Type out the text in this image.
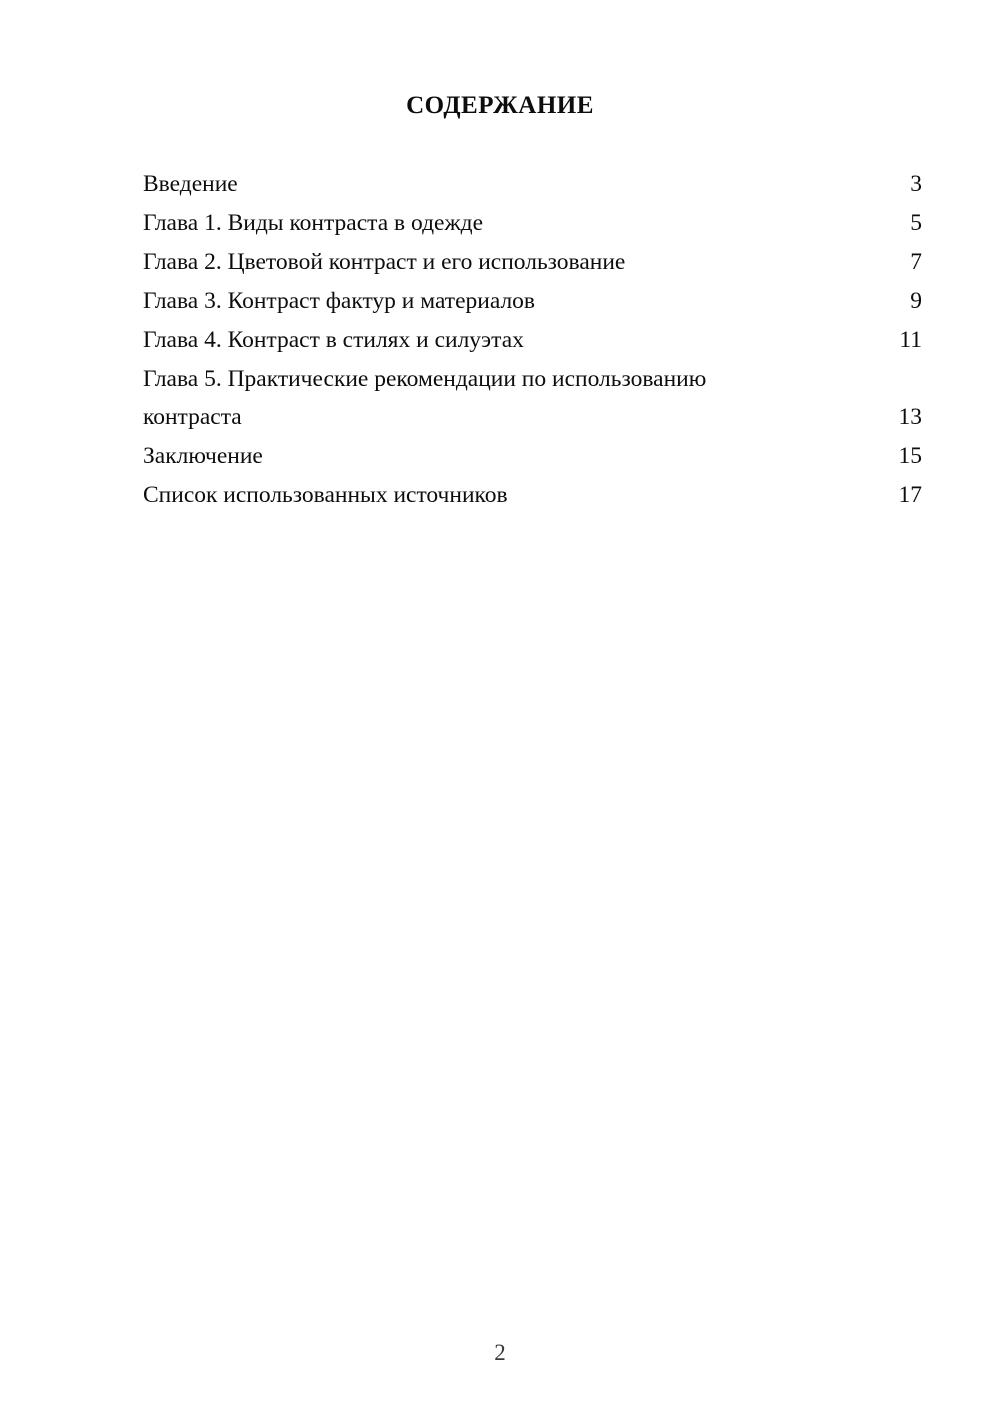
СОДЕРЖАНИЕ
Введение	3
Глава 1. Виды контраста в одежде	5
Глава 2. Цветовой контраст и его использование	7
Глава 3. Контраст фактур и материалов	9
Глава 4. Контраст в стилях и силуэтах	11
Глава 5. Практические рекомендации по использованию контраста	13
Заключение	15
Список использованных источников	17
2
